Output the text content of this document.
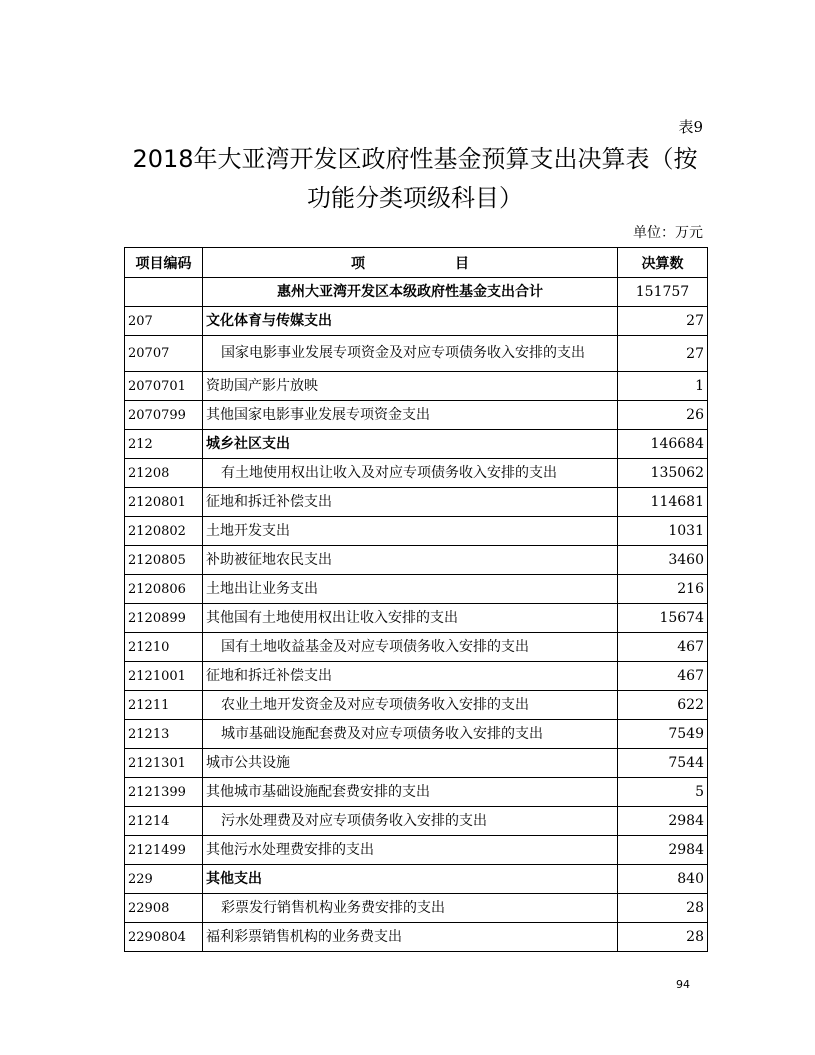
表9
2018年大亚湾开发区政府性基金预算支出决算表（按
功能分类项级科目）
单位：万元
项目编码	项 目	决算数
	惠州大亚湾开发区本级政府性基金支出合计	151757
207	文化体育与传媒支出	27
20707	国家电影事业发展专项资金及对应专项债务收入安排的支出	27
2070701	资助国产影片放映	1
2070799	其他国家电影事业发展专项资金支出	26
212	城乡社区支出	146684
21208	有土地使用权出让收入及对应专项债务收入安排的支出	135062
2120801	征地和拆迁补偿支出	114681
2120802	土地开发支出	1031
2120805	补助被征地农民支出	3460
2120806	土地出让业务支出	216
2120899	其他国有土地使用权出让收入安排的支出	15674
21210	国有土地收益基金及对应专项债务收入安排的支出	467
2121001	征地和拆迁补偿支出	467
21211	农业土地开发资金及对应专项债务收入安排的支出	622
21213	城市基础设施配套费及对应专项债务收入安排的支出	7549
2121301	城市公共设施	7544
2121399	其他城市基础设施配套费安排的支出	5
21214	污水处理费及对应专项债务收入安排的支出	2984
2121499	其他污水处理费安排的支出	2984
229	其他支出	840
22908	彩票发行销售机构业务费安排的支出	28
2290804	福利彩票销售机构的业务费支出	28
94
